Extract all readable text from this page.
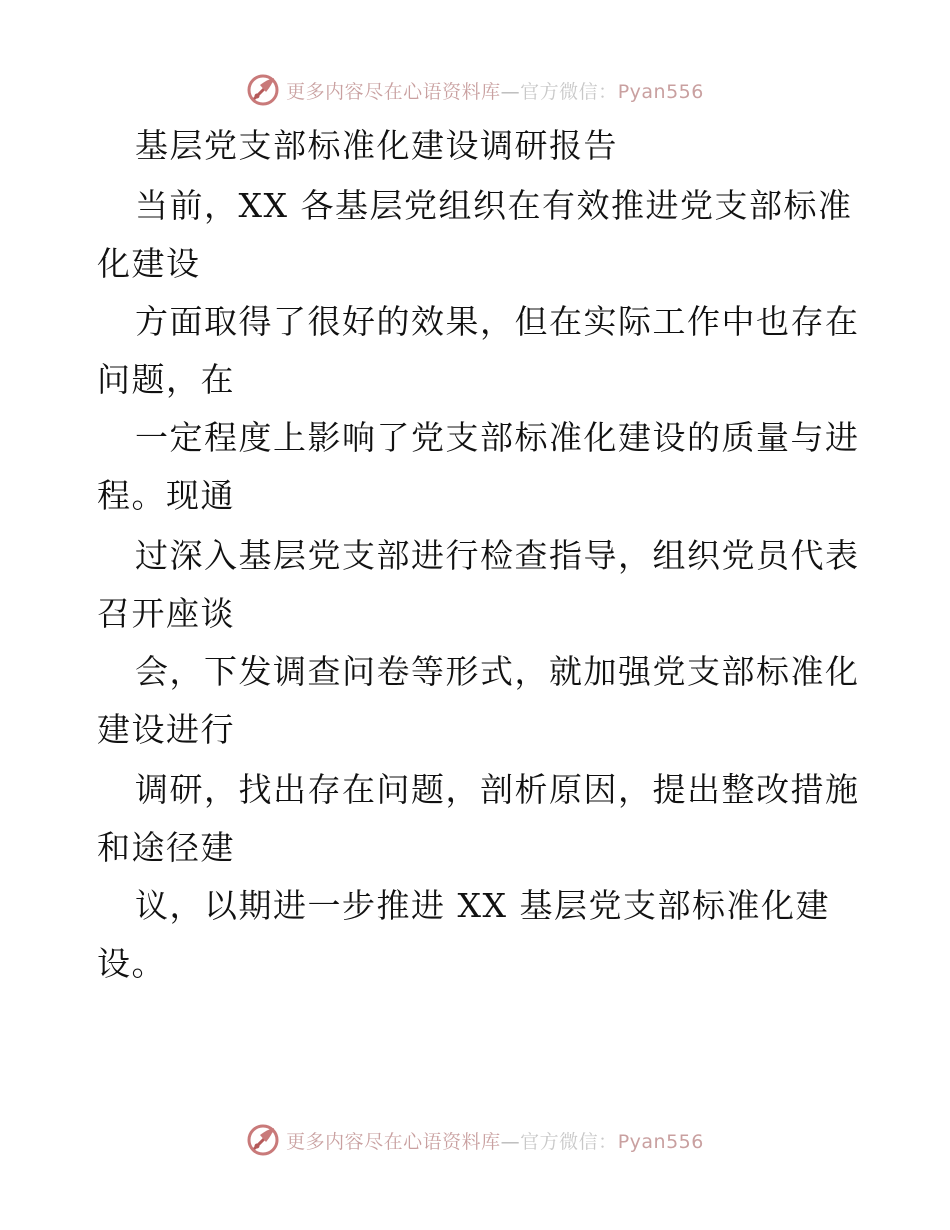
更多内容尽在心语资料库—官方微信：Pyan556
基层党支部标准化建设调研报告
当前，XX 各基层党组织在有效推进党支部标准
化建设
方面取得了很好的效果，但在实际工作中也存在
问题，在
一定程度上影响了党支部标准化建设的质量与进
程。现通
过深入基层党支部进行检查指导，组织党员代表
召开座谈
会，下发调查问卷等形式，就加强党支部标准化
建设进行
调研，找出存在问题，剖析原因，提出整改措施
和途径建
议，以期进一步推进 XX 基层党支部标准化建
设。
更多内容尽在心语资料库—官方微信：Pyan556
